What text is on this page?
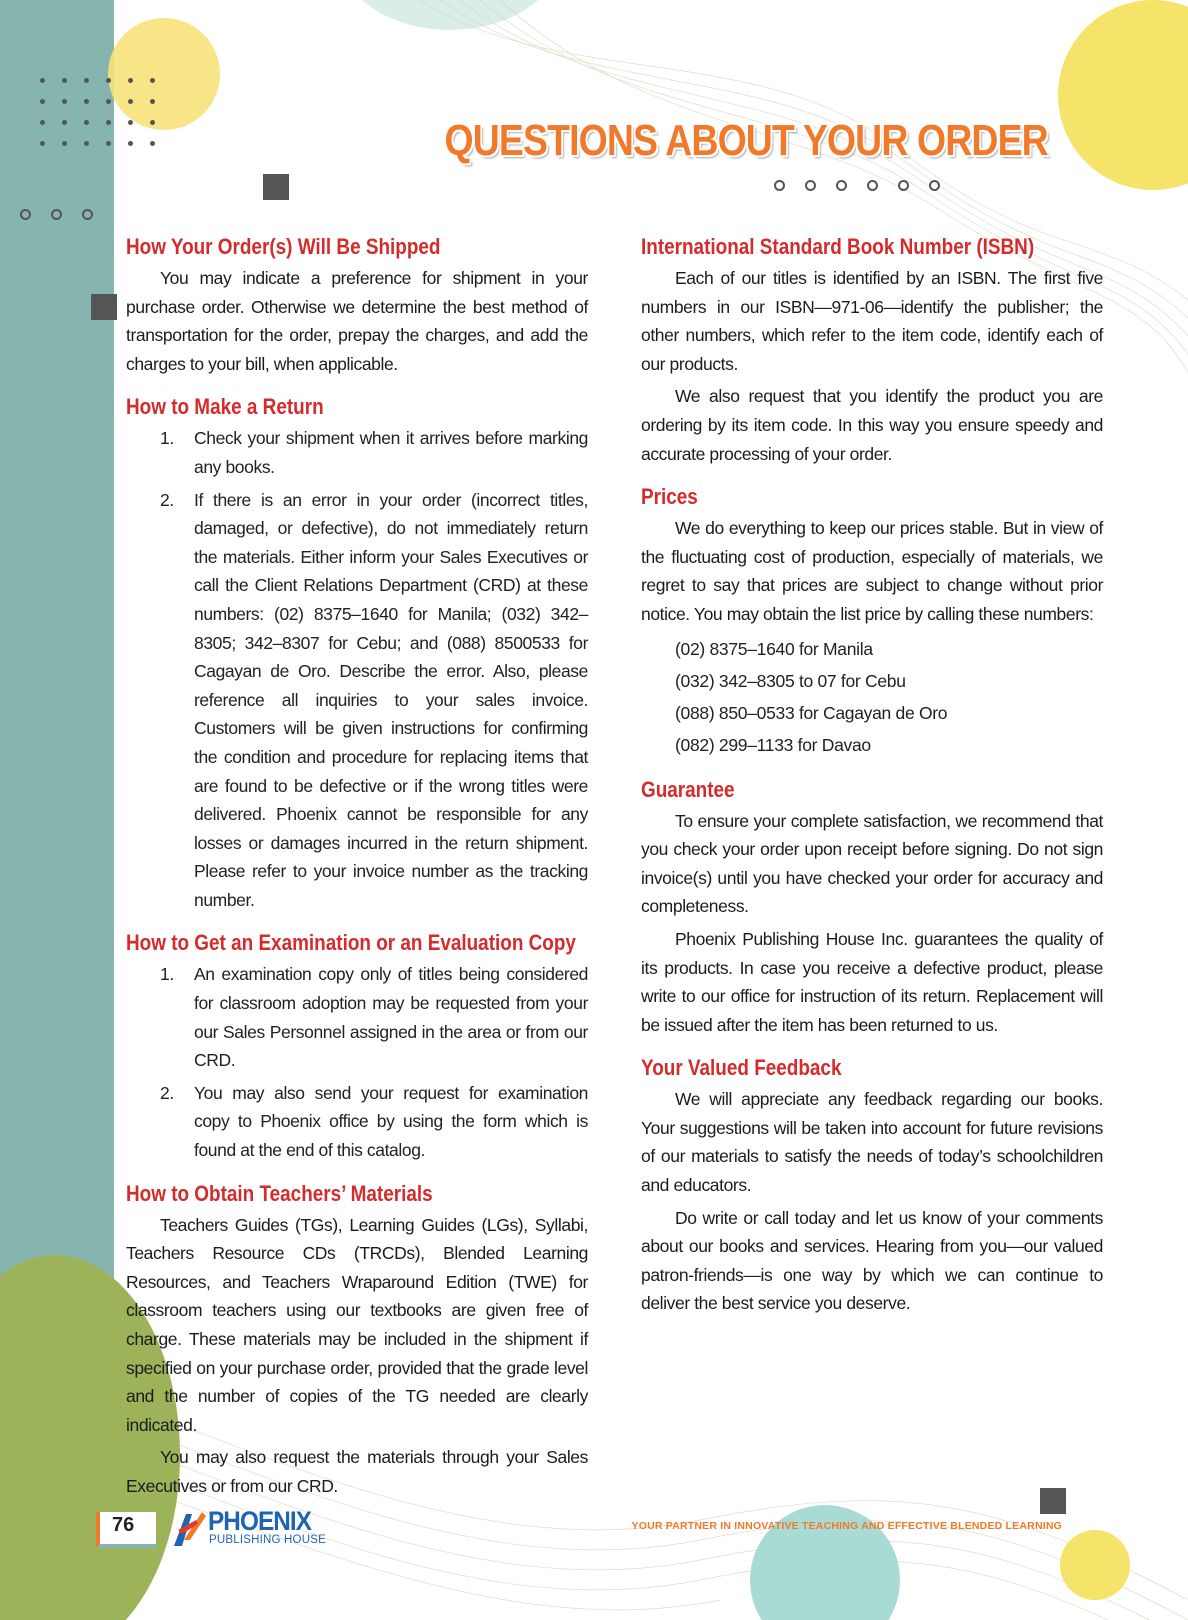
QUESTIONS ABOUT YOUR ORDER
How Your Order(s) Will Be Shipped

You may indicate a preference for shipment in your purchase order. Otherwise we determine the best method of transportation for the order, prepay the charges, and add the charges to your bill, when applicable.

How to Make a Return
1. Check your shipment when it arrives before marking any books.
2. If there is an error in your order (incorrect titles, damaged, or defective), do not immediately return the materials. Either inform your Sales Executives or call the Client Relations Department (CRD) at these numbers: (02) 8375–1640 for Manila; (032) 342–8305; 342–8307 for Cebu; and (088) 8500533 for Cagayan de Oro. Describe the error. Also, please reference all inquiries to your sales invoice. Customers will be given instructions for confirming the condition and procedure for replacing items that are found to be defective or if the wrong titles were delivered. Phoenix cannot be responsible for any losses or damages incurred in the return shipment. Please refer to your invoice number as the tracking number.
How to Get an Examination or an Evaluation Copy
1. An examination copy only of titles being considered for classroom adoption may be requested from your our Sales Personnel assigned in the area or from our CRD.
2. You may also send your request for examination copy to Phoenix office by using the form which is found at the end of this catalog.
How to Obtain Teachers’ Materials

Teachers Guides (TGs), Learning Guides (LGs), Syllabi, Teachers Resource CDs (TRCDs), Blended Learning Resources, and Teachers Wraparound Edition (TWE) for classroom teachers using our textbooks are given free of charge. These materials may be included in the shipment if specified on your purchase order, provided that the grade level and the number of copies of the TG needed are clearly indicated.

You may also request the materials through your Sales Executives or from our CRD.

International Standard Book Number (ISBN)

Each of our titles is identified by an ISBN. The first five numbers in our ISBN—971-06—identify the publisher; the other numbers, which refer to the item code, identify each of our products.

We also request that you identify the product you are ordering by its item code. In this way you ensure speedy and accurate processing of your order.

Prices

We do everything to keep our prices stable. But in view of the fluctuating cost of production, especially of materials, we regret to say that prices are subject to change without prior notice. You may obtain the list price by calling these numbers:

(02) 8375–1640 for Manila
(032) 342–8305 to 07 for Cebu
(088) 850–0533 for Cagayan de Oro
(082) 299–1133 for Davao
Guarantee

To ensure your complete satisfaction, we recommend that you check your order upon receipt before signing. Do not sign invoice(s) until you have checked your order for accuracy and completeness.

Phoenix Publishing House Inc. guarantees the quality of its products. In case you receive a defective product, please write to our office for instruction of its return. Replacement will be issued after the item has been returned to us.

Your Valued Feedback

We will appreciate any feedback regarding our books. Your suggestions will be taken into account for future revisions of our materials to satisfy the needs of today’s schoolchildren and educators.

Do write or call today and let us know of your comments about our books and services. Hearing from you—our valued patron-friends—is one way by which we can continue to deliver the best service you deserve.

76	PHOENIX
PUBLISHING HOUSE
YOUR PARTNER IN INNOVATIVE TEACHING AND EFFECTIVE BLENDED LEARNING
